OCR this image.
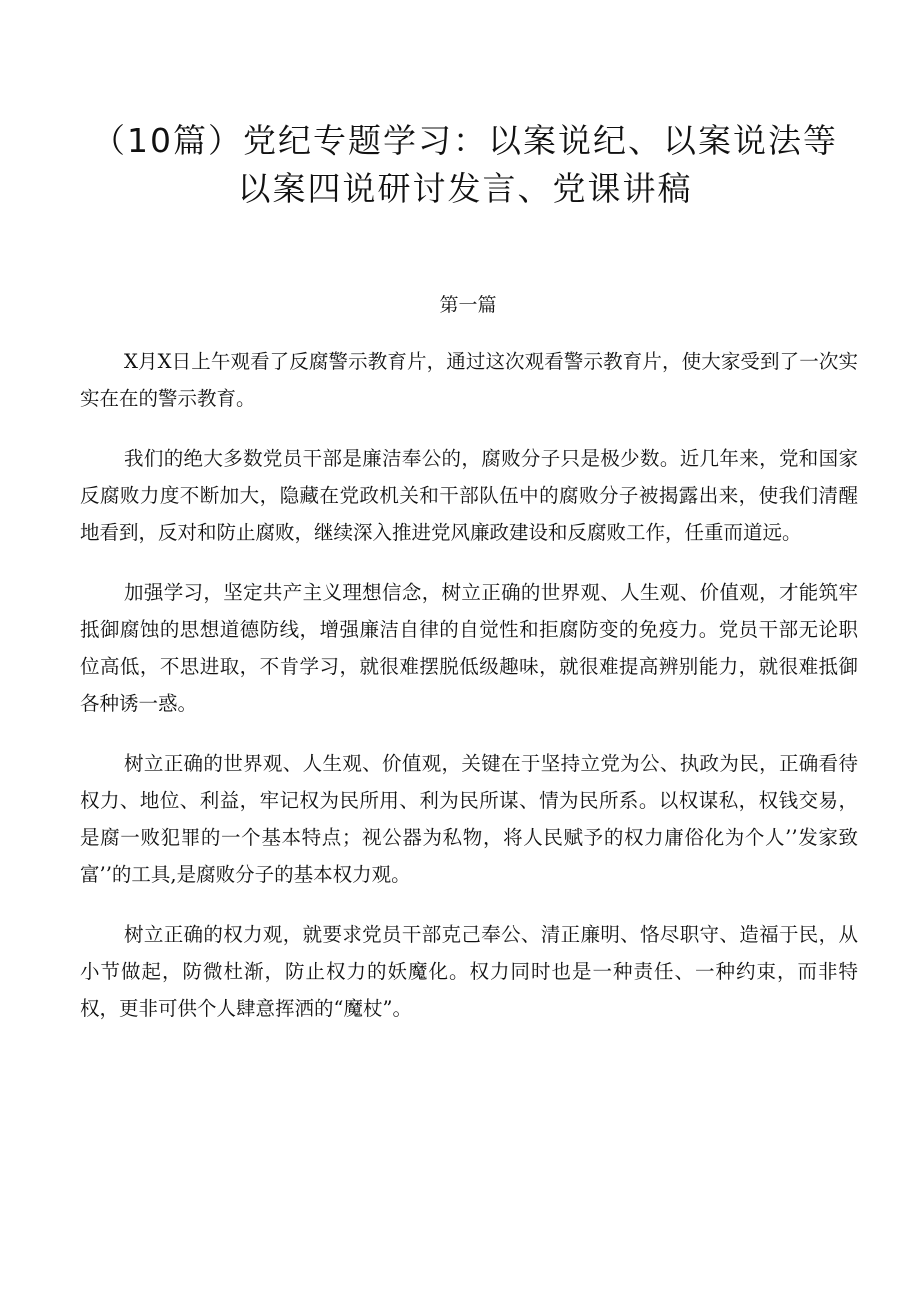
（10篇）党纪专题学习：以案说纪、以案说法等以案四说研讨发言、党课讲稿
第一篇

X月X日上午观看了反腐警示教育片，通过这次观看警示教育片，使大家受到了一次实实在在的警示教育。

我们的绝大多数党员干部是廉洁奉公的，腐败分子只是极少数。近几年来，党和国家反腐败力度不断加大，隐藏在党政机关和干部队伍中的腐败分子被揭露出来，使我们清醒地看到，反对和防止腐败，继续深入推进党风廉政建设和反腐败工作，任重而道远。

加强学习，坚定共产主义理想信念，树立正确的世界观、人生观、价值观，才能筑牢抵御腐蚀的思想道德防线，增强廉洁自律的自觉性和拒腐防变的免疫力。党员干部无论职位高低，不思进取，不肯学习，就很难摆脱低级趣味，就很难提高辨别能力，就很难抵御各种诱一惑。

树立正确的世界观、人生观、价值观，关键在于坚持立党为公、执政为民，正确看待权力、地位、利益，牢记权为民所用、利为民所谋、情为民所系。以权谋私，权钱交易，是腐一败犯罪的一个基本特点；视公器为私物，将人民赋予的权力庸俗化为个人’’发家致富’’的工具,是腐败分子的基本权力观。

树立正确的权力观，就要求党员干部克己奉公、清正廉明、恪尽职守、造福于民，从小节做起，防微杜渐，防止权力的妖魔化。权力同时也是一种责任、一种约束，而非特权，更非可供个人肆意挥洒的“魔杖”。
